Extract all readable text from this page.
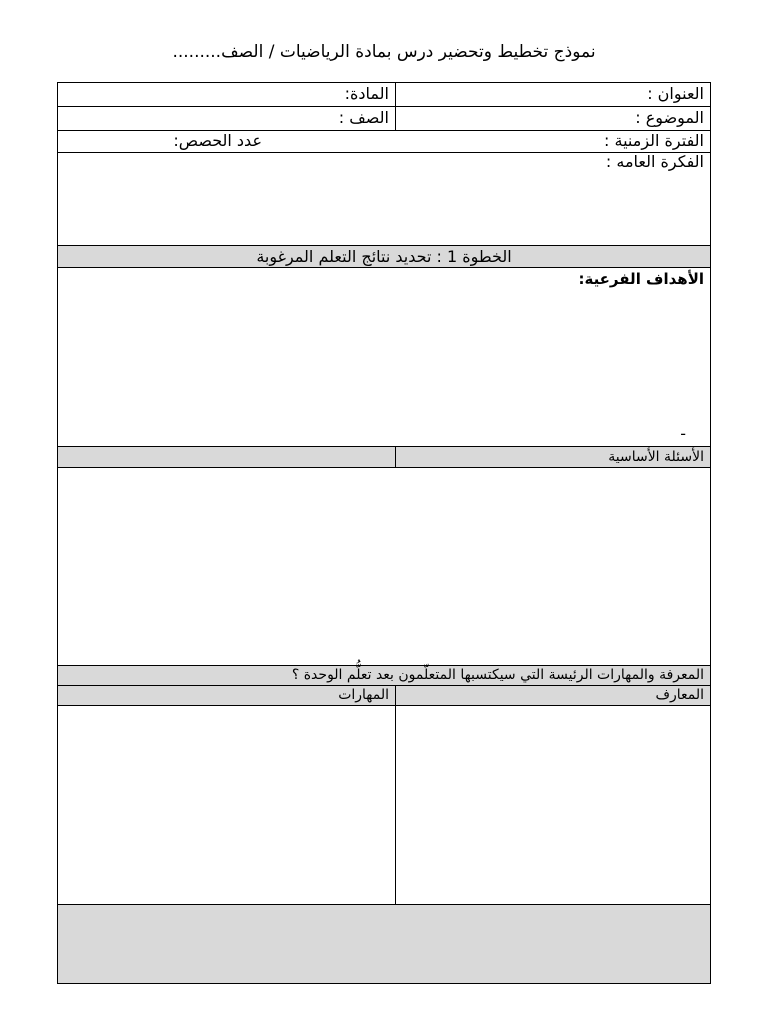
نموذج تخطيط وتحضير درس بمادة الرياضيات / الصف.........
العنوان :
المادة:
الموضوع :
الصف :
الفترة الزمنية :
عدد الحصص:
الفكرة العامه :
الخطوة 1 : تحديد نتائج التعلم المرغوبة
الأهداف الفرعية:
-
الأسئلة الأساسية
المعرفة والمهارات الرئيسة التي سيكتسبها المتعلّمون بعد تعلُّم الوحدة ؟
المعارف
المهارات
